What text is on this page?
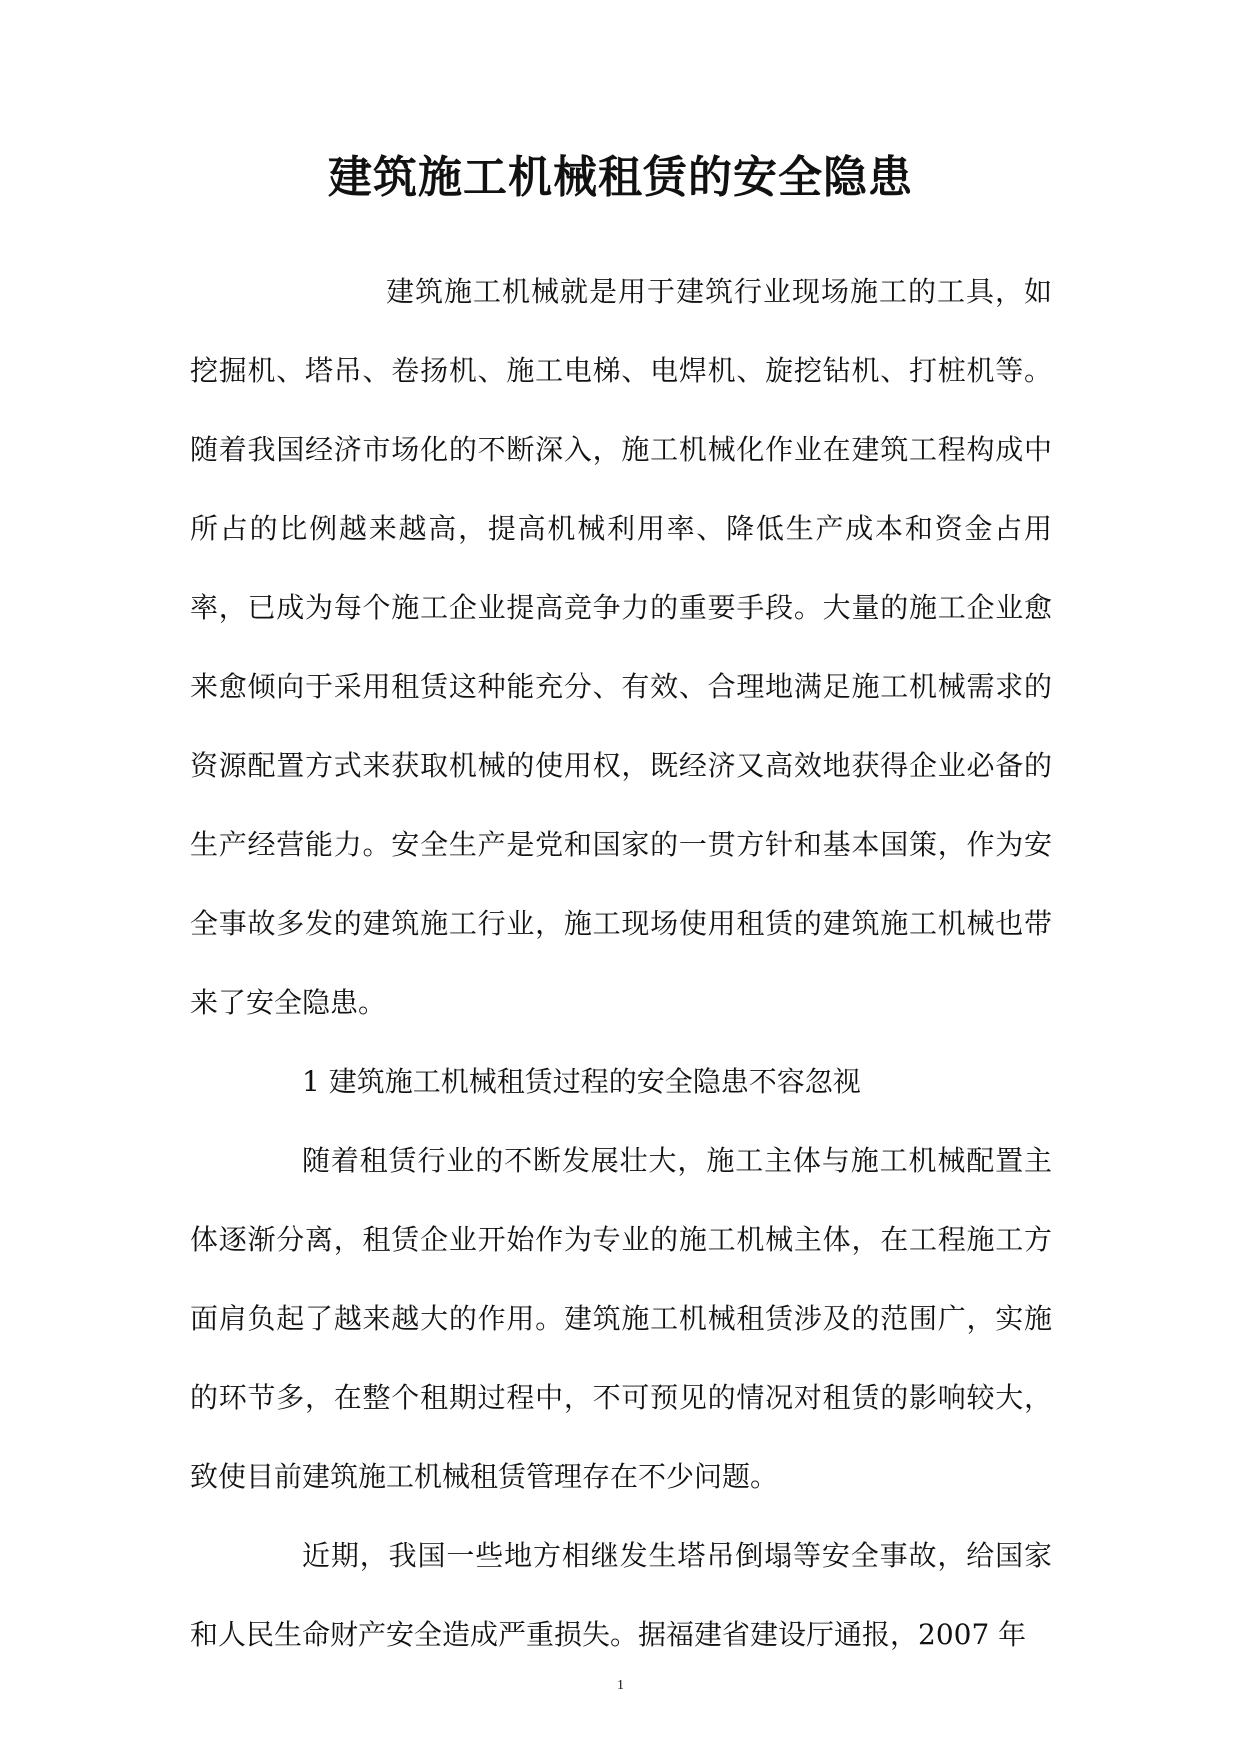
建筑施工机械租赁的安全隐患

建筑施工机械就是用于建筑行业现场施工的工具，如挖掘机、塔吊、卷扬机、施工电梯、电焊机、旋挖钻机、打桩机等。随着我国经济市场化的不断深入，施工机械化作业在建筑工程构成中所占的比例越来越高，提高机械利用率、降低生产成本和资金占用率，已成为每个施工企业提高竞争力的重要手段。大量的施工企业愈来愈倾向于采用租赁这种能充分、有效、合理地满足施工机械需求的资源配置方式来获取机械的使用权，既经济又高效地获得企业必备的生产经营能力。安全生产是党和国家的一贯方针和基本国策，作为安全事故多发的建筑施工行业，施工现场使用租赁的建筑施工机械也带来了安全隐患。

1 建筑施工机械租赁过程的安全隐患不容忽视

随着租赁行业的不断发展壮大，施工主体与施工机械配置主体逐渐分离，租赁企业开始作为专业的施工机械主体，在工程施工方面肩负起了越来越大的作用。建筑施工机械租赁涉及的范围广，实施的环节多，在整个租期过程中，不可预见的情况对租赁的影响较大，致使目前建筑施工机械租赁管理存在不少问题。

近期，我国一些地方相继发生塔吊倒塌等安全事故，给国家和人民生命财产安全造成严重损失。据福建省建设厅通报，2007 年

1
